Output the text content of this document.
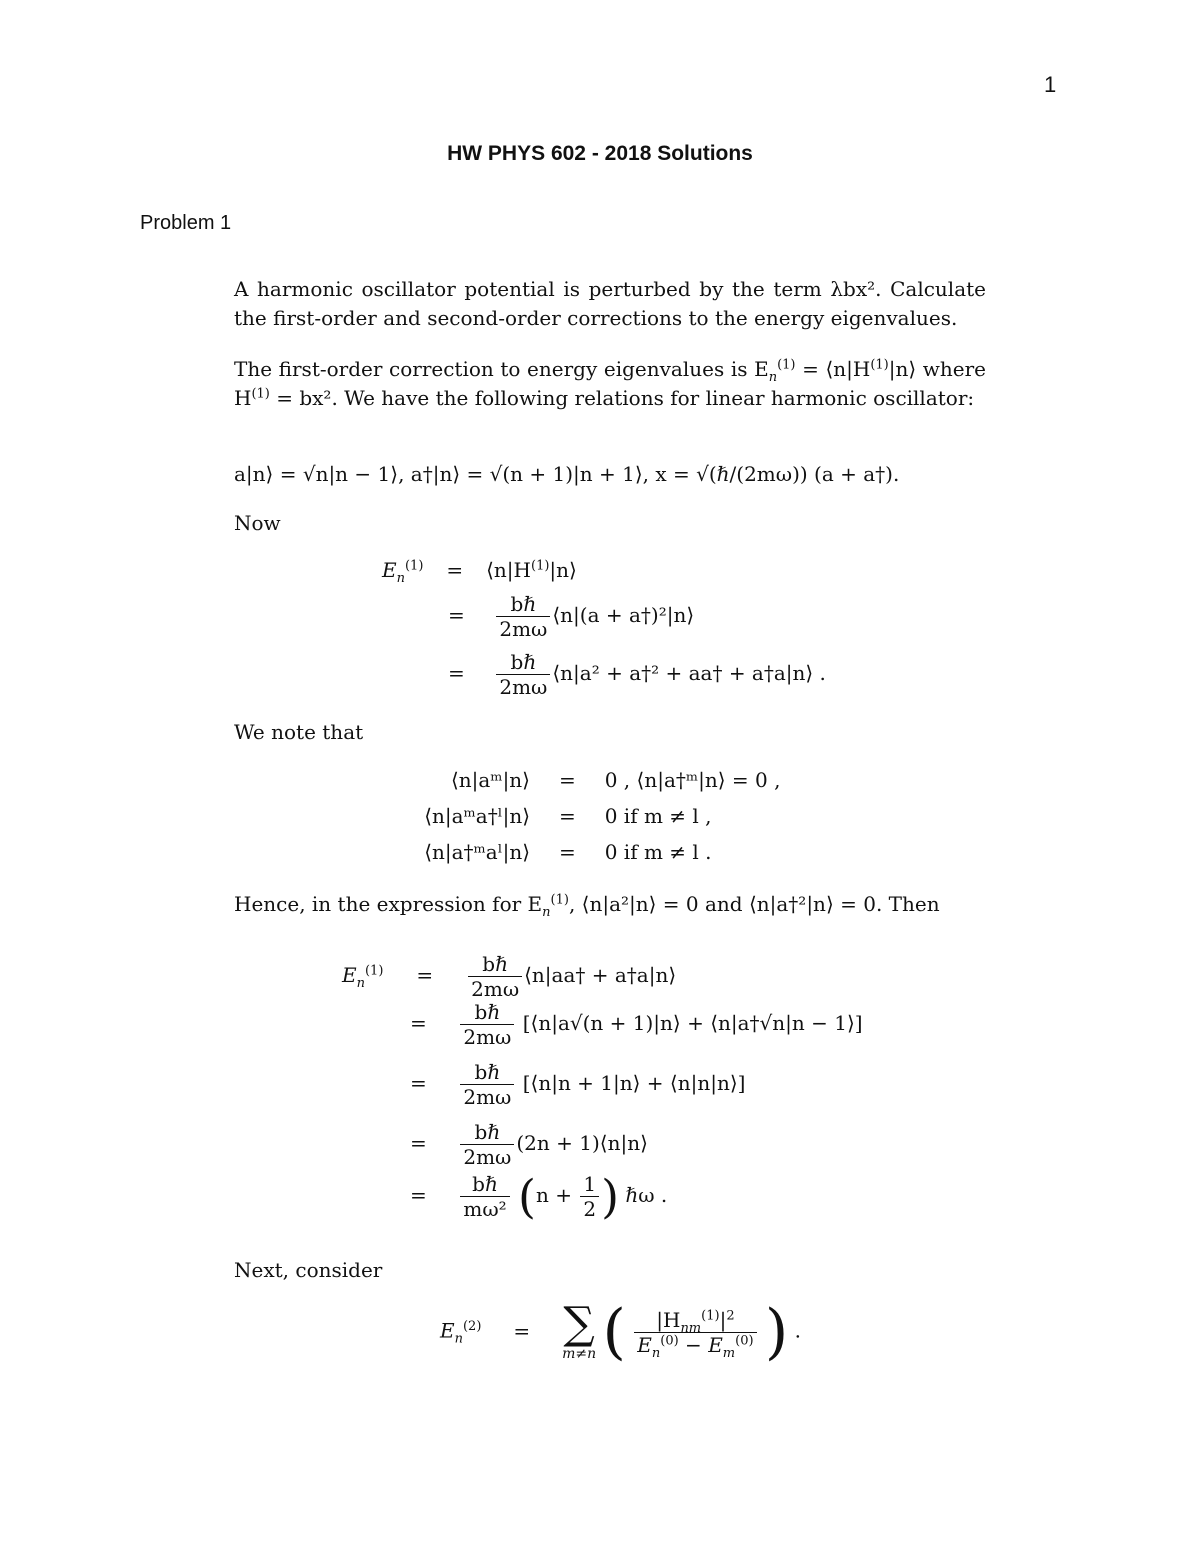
1
HW PHYS 602 - 2018 Solutions
Problem 1
A harmonic oscillator potential is perturbed by the term λbx². Calculate the first-order and second-order corrections to the energy eigenvalues.
The first-order correction to energy eigenvalues is $E_n^{(1)}$ = $⟨n|H^{(1)}|n⟩$ where $H^{(1)} = bx^2$. We have the following relations for linear harmonic oscillator:
a|n⟩ = √n|n − 1⟩, a†|n⟩ = √(n + 1)|n + 1⟩, x = √(ℏ/(2mω)) (a + a†).
Now
$E_n^{(1)}$ = $⟨n|H^{(1)}|n⟩$
= $\frac{\text{bℏ}}{2m\omega}$ ⟨n|(a + a†)²|n⟩
= $\frac{\text{bℏ}}{2m\omega}$ ⟨n|a² + a†² + aa† + a†a|n⟩ .
We note that
⟨n|aᵐ|n⟩ = 0 , ⟨n|a†ᵐ|n⟩ = 0 ,
⟨n|aᵐa†ˡ|n⟩ = 0 if m ≠ l ,
⟨n|a†ᵐaˡ|n⟩ = 0 if m ≠ l .
Hence, in the expression for $E_n^{(1)}$, ⟨n|a²|n⟩ = 0 and ⟨n|a†²|n⟩ = 0. Then
$E_n^{(1)} = \frac{\text{bℏ}}{2m\omega}$ ⟨n|aa† + a†a|n⟩
= $\frac{\text{bℏ}}{2m\omega}$ [⟨n|a√(n + 1)|n⟩ + ⟨n|a†√n|n − 1⟩]
= $\frac{\text{bℏ}}{2m\omega}$ [⟨n|n + 1|n⟩ + ⟨n|n|n⟩]
= $\frac{\text{bℏ}}{2m\omega} (2n$ + 1)⟨n|n⟩
= $\frac{\text{bℏ}}{\text{mω²}} (n + \frac{1}{2}$ ) ℏω .
Next, consider
$E_n^{(2)}$ = ∑
m≠n ( $\frac{|H_{nm}^{(1)}|^2}{E_n^{(0)} - E_m^{(0)}}$ ) .
